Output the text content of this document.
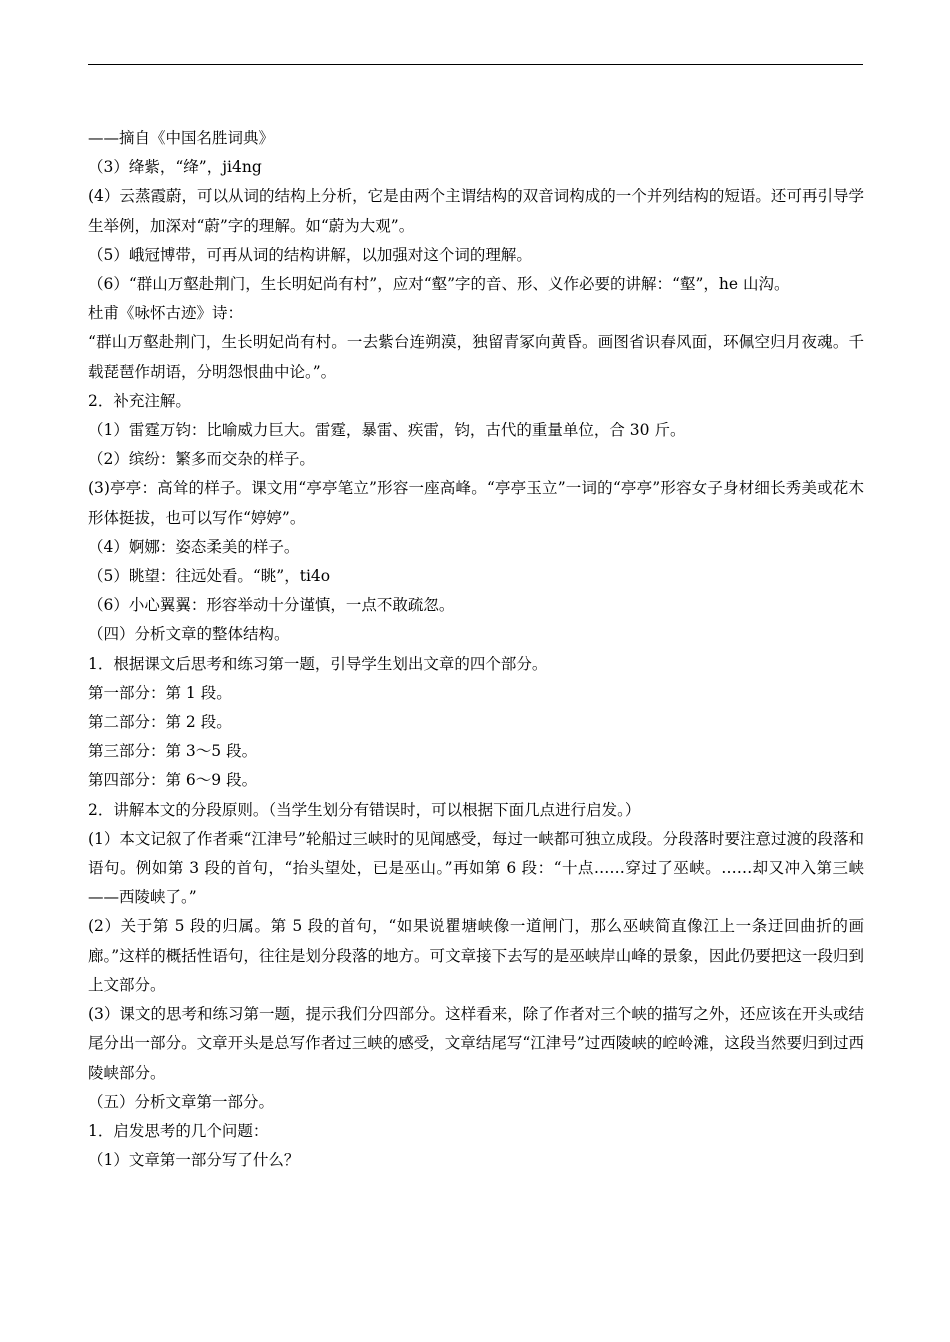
——摘自《中国名胜词典》

（3）绛紫，“绛”，ji4ng

(4）云蒸霞蔚，可以从词的结构上分析，它是由两个主谓结构的双音词构成的一个并列结构的短语。还可再引导学生举例，加深对“蔚”字的理解。如“蔚为大观”。

（5）峨冠博带，可再从词的结构讲解，以加强对这个词的理解。

（6）“群山万壑赴荆门，生长明妃尚有村”，应对“壑”字的音、形、义作必要的讲解：“壑”，he 山沟。

杜甫《咏怀古迹》诗：

“群山万壑赴荆门，生长明妃尚有村。一去紫台连朔漠，独留青冢向黄昏。画图省识春风面，环佩空归月夜魂。千载琵琶作胡语，分明怨恨曲中论。”。

2．补充注解。

（1）雷霆万钧：比喻威力巨大。雷霆，暴雷、疾雷，钧，古代的重量单位，合 30 斤。

（2）缤纷：繁多而交杂的样子。

(3)亭亭：高耸的样子。课文用“亭亭笔立”形容一座高峰。“亭亭玉立”一词的“亭亭”形容女子身材细长秀美或花木形体挺拔，也可以写作“婷婷”。

（4）婀娜：姿态柔美的样子。

（5）眺望：往远处看。“眺”，ti4o

（6）小心翼翼：形容举动十分谨慎，一点不敢疏忽。

（四）分析文章的整体结构。

1．根据课文后思考和练习第一题，引导学生划出文章的四个部分。

第一部分：第 1 段。

第二部分：第 2 段。

第三部分：第 3～5 段。

第四部分：第 6～9 段。

2．讲解本文的分段原则。（当学生划分有错误时，可以根据下面几点进行启发。）

(1）本文记叙了作者乘“江津号”轮船过三峡时的见闻感受，每过一峡都可独立成段。分段落时要注意过渡的段落和语句。例如第 3 段的首句，“抬头望处，已是巫山。”再如第 6 段：“十点……穿过了巫峡。……却又冲入第三峡——西陵峡了。”

(2）关于第 5 段的归属。第 5 段的首句，“如果说瞿塘峡像一道闸门，那么巫峡简直像江上一条迂回曲折的画廊。”这样的概括性语句，往往是划分段落的地方。可文章接下去写的是巫峡岸山峰的景象，因此仍要把这一段归到上文部分。

(3）课文的思考和练习第一题，提示我们分四部分。这样看来，除了作者对三个峡的描写之外，还应该在开头或结尾分出一部分。文章开头是总写作者过三峡的感受，文章结尾写“江津号”过西陵峡的崆岭滩，这段当然要归到过西陵峡部分。

（五）分析文章第一部分。

1．启发思考的几个问题：

（1）文章第一部分写了什么？
